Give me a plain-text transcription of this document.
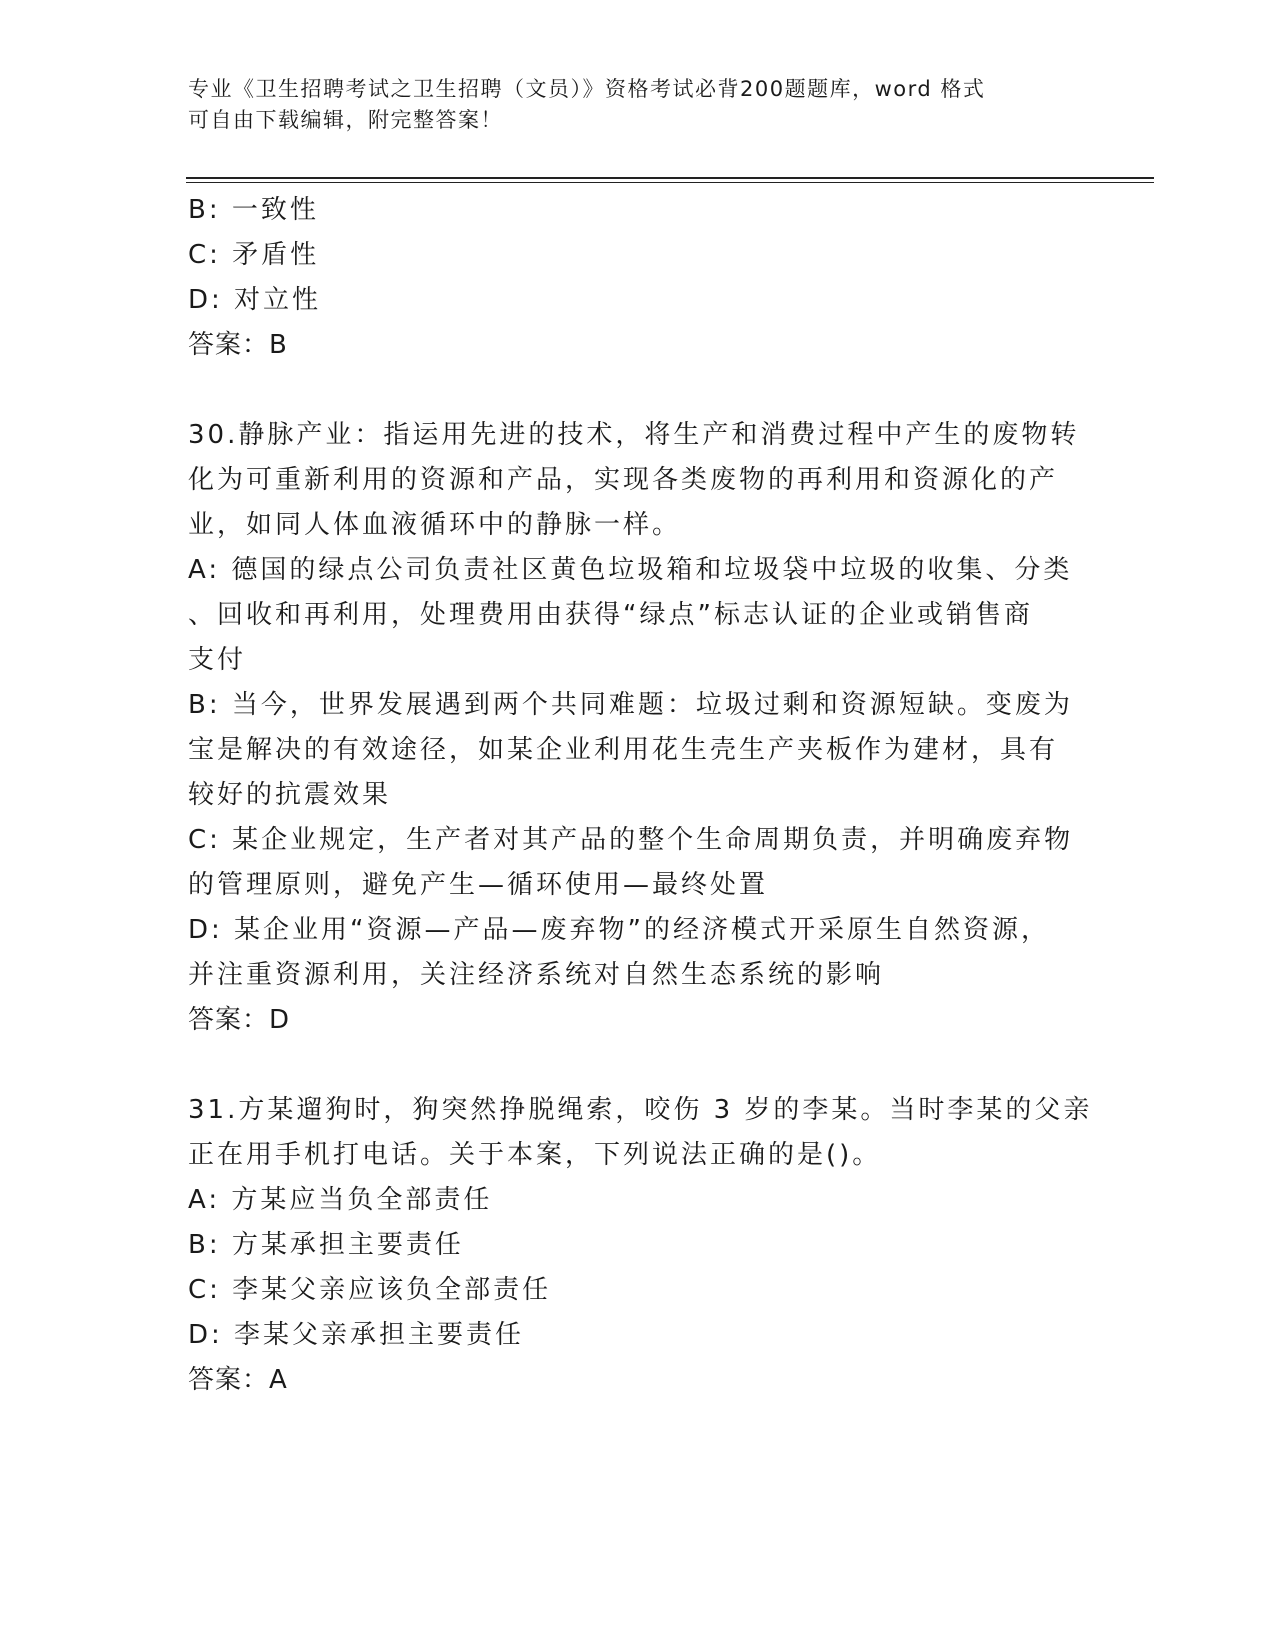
专业《卫生招聘考试之卫生招聘（文员）》资格考试必背200题题库，word 格式
可自由下载编辑，附完整答案！
B: 一致性
C: 矛盾性
D: 对立性
答案：B
30.静脉产业：指运用先进的技术，将生产和消费过程中产生的废物转
化为可重新利用的资源和产品，实现各类废物的再利用和资源化的产
业，如同人体血液循环中的静脉一样。
A: 德国的绿点公司负责社区黄色垃圾箱和垃圾袋中垃圾的收集、分类
、回收和再利用，处理费用由获得“绿点”标志认证的企业或销售商
支付
B: 当今，世界发展遇到两个共同难题：垃圾过剩和资源短缺。变废为
宝是解决的有效途径，如某企业利用花生壳生产夹板作为建材，具有
较好的抗震效果
C: 某企业规定，生产者对其产品的整个生命周期负责，并明确废弃物
的管理原则，避免产生—循环使用—最终处置
D: 某企业用“资源—产品—废弃物”的经济模式开采原生自然资源，
并注重资源利用，关注经济系统对自然生态系统的影响
答案：D
31.方某遛狗时，狗突然挣脱绳索，咬伤 3 岁的李某。当时李某的父亲
正在用手机打电话。关于本案，下列说法正确的是()。
A: 方某应当负全部责任
B: 方某承担主要责任
C: 李某父亲应该负全部责任
D: 李某父亲承担主要责任
答案：A
